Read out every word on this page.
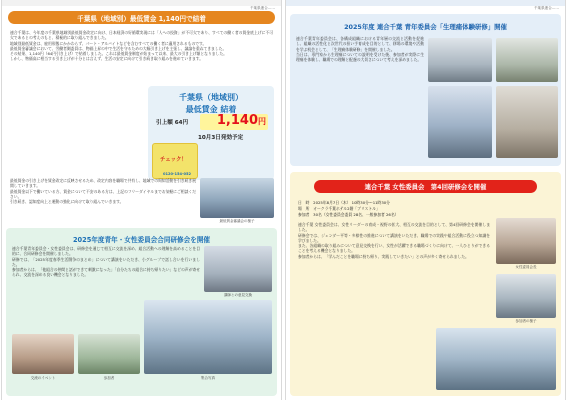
千葉県連合……
千葉県（地域別）最低賃金 1,140円で結着
連合千葉は、今年度の千葉県地域別最低賃金改定に向け、日本経済の好循環実現には「人への投資」が不可欠であり、すべての働く者の賃金底上げに不可欠であるとの考えのもと、積極的に取り組んできました。
地域別最低賃金は、雇用形態にかかわらず、パート・アルバイトなどを含むすべての働く者に適用されるものです。
最低賃金審議会において、労働者側委員は、物価上昇の中で生活を守るための大幅引き上げを主張し、議論を重ねてきました。
その結果、1,140円（64円引き上げ）で結着しました。これは最低賃金制度が始まって以来、最大の引き上げ額となりました。
しかし、物価高に相当する引き上げが十分とは言えず、生活の安定に向けて引き続き取り組みを進めていきます。
千葉県（地域別）
最低賃金 結着
引上額 64円	1,140円
10月3日発効予定
チェック！
0120-154-052
最低賃金の引き上げを賃金改定に反映させるため、改定内容を職場で共有し、地域での周知活動を引き続き展開していきます。
最低賃金以下で働いている方、賃金について不安のある方は、上記のフリーダイヤルまでお気軽にご相談ください。
引き続き、認知度向上と運動の強化に向けて取り組んでいきます。
最低賃金審議会の様子
2025年度青年・女性委員会合同研修会を開催
連合千葉青年委員会・女性委員会は、研修会を通じて相互に交流を深め、組合活動への理解を高めることを目的に、合同研修会を開催しました。
研修では、「2025年度春季生活闘争のまとめ」について講演をいただき、小グループで話し合いを行いました。
参加者からは、「他組合の仲間と話ができて刺激になった」「自分たちの組合に持ち帰りたい」などの声が寄せられ、交流を深める良い機会となりました。
講師との意見交換
交流のイベント	参加者	集合写真
千葉県連合……
2025年度 連合千葉 青年委員会「生理痛体験研修」開催
連合千葉青年委員会は、各構成組織における青年層の交流と活動を促進し、組織の活性化と次世代の担い手育成を目的として、移場の環境や活動を学ぶ机会として、「生理痛体験研修」を開催しました。
当日は、専門家から生理痛についての説明を受けた後、参加者が実際に生理痛を体験し、職場での理解と配慮の大切さについて考えを深めました。
連合千葉 女性委員会　第4回研修会を開催
日　時　2025年8月7日（木） 10時30分〜11時30分
場　所　オークラ千葉ホテル2階「ブリストル」
参加者　30名（女性委員会委員 28名、一般参加者 26名）
連合千葉 女性委員会は、女性リーダーの育成・視野の拡大、相互の交流を目的として、第4回研修会を開催しました。
研修会では、ジェンダー平等・多様性の推進について講演をいただき、職場での実践や組合活動に役立つ知識を学びました。
また、各組織の取り組みについて意見交換を行い、女性が活躍できる職場づくりに向けて、一人ひとりができることを考える機会となりました。
参加者からは、「学んだことを職場に持ち帰り、実践していきたい」との声が多く寄せられました。
女性委員会長
参加者の様子
